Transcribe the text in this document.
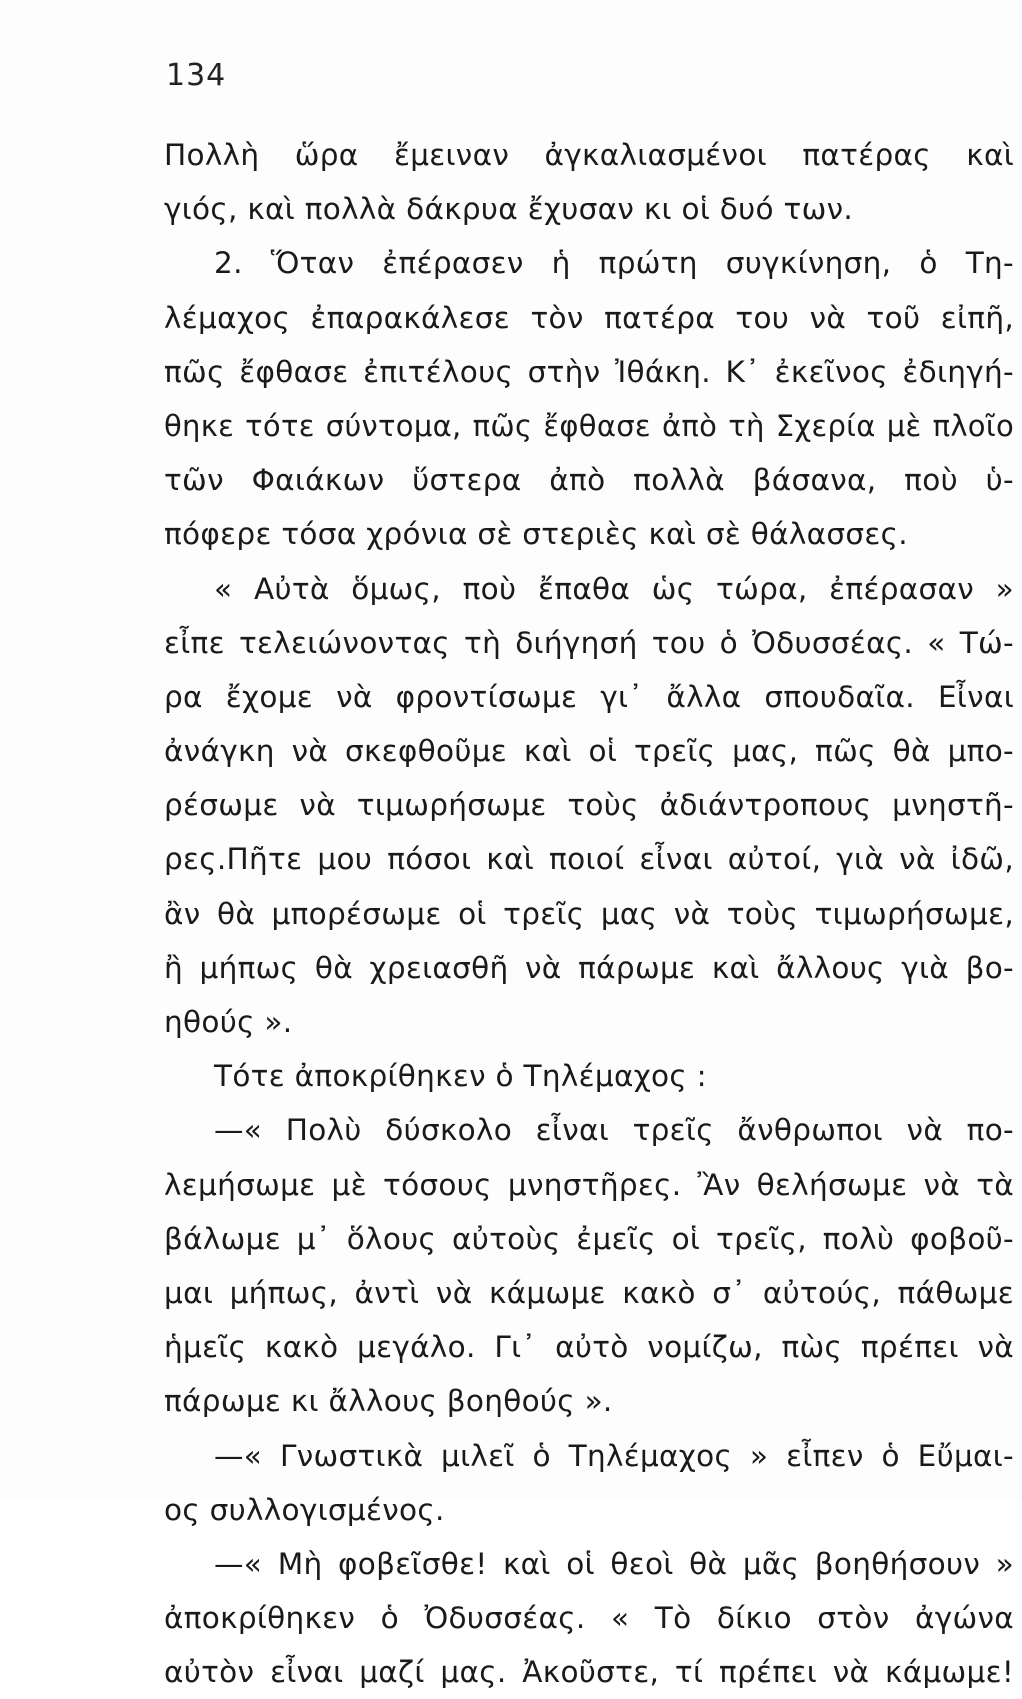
134
Πολλὴ ὥρα ἔμειναν ἀγκαλιασμένοι πατέρας καὶ
γιός, καὶ πολλὰ δάκρυα ἔχυσαν κι οἱ δυό των.
2. Ὅταν ἐπέρασεν ἡ πρώτη συγκίνηση, ὁ Τη-
λέμαχος ἐπαρακάλεσε τὸν πατέρα του νὰ τοῦ εἰπῆ,
πῶς ἔφθασε ἐπιτέλους στὴν Ἰθάκη. Κ᾽ ἐκεῖνος ἐδιηγή-
θηκε τότε σύντομα, πῶς ἔφθασε ἀπὸ τὴ Σχερία μὲ πλοῖο
τῶν Φαιάκων ὕστερα ἀπὸ πολλὰ βάσανα, ποὺ ὑ-
πόφερε τόσα χρόνια σὲ στεριὲς καὶ σὲ θάλασσες.
« Αὐτὰ ὅμως, ποὺ ἔπαθα ὡς τώρα, ἐπέρασαν »
εἶπε τελειώνοντας τὴ διήγησή του ὁ Ὀδυσσέας. « Τώ-
ρα ἔχομε νὰ φροντίσωμε γι᾽ ἄλλα σπουδαῖα. Εἶναι
ἀνάγκη νὰ σκεφθοῦμε καὶ οἱ τρεῖς μας, πῶς θὰ μπο-
ρέσωμε νὰ τιμωρήσωμε τοὺς ἀδιάντροπους μνηστῆ-
ρες.Πῆτε μου πόσοι καὶ ποιοί εἶναι αὐτοί, γιὰ νὰ ἰδῶ,
ἂν θὰ μπορέσωμε οἱ τρεῖς μας νὰ τοὺς τιμωρήσωμε,
ἢ μήπως θὰ χρειασθῆ νὰ πάρωμε καὶ ἄλλους γιὰ βο-
ηθούς ».
Τότε ἀποκρίθηκεν ὁ Τηλέμαχος :
—« Πολὺ δύσκολο εἶναι τρεῖς ἄνθρωποι νὰ πο-
λεμήσωμε μὲ τόσους μνηστῆρες. Ἂν θελήσωμε νὰ τὰ
βάλωμε μ᾽ ὅλους αὐτοὺς ἐμεῖς οἱ τρεῖς, πολὺ φοβοῦ-
μαι μήπως, ἀντὶ νὰ κάμωμε κακὸ σ᾽ αὐτούς, πάθωμε
ἡμεῖς κακὸ μεγάλο. Γι᾽ αὐτὸ νομίζω, πὼς πρέπει νὰ
πάρωμε κι ἄλλους βοηθούς ».
—« Γνωστικὰ μιλεῖ ὁ Τηλέμαχος » εἶπεν ὁ Εὔμαι-
ος συλλογισμένος.
—« Μὴ φοβεῖσθε! καὶ οἱ θεοὶ θὰ μᾶς βοηθήσουν »
ἀποκρίθηκεν ὁ Ὀδυσσέας. « Τὸ δίκιο στὸν ἀγώνα
αὐτὸν εἶναι μαζί μας. Ἀκοῦστε, τί πρέπει νὰ κάμωμε!
